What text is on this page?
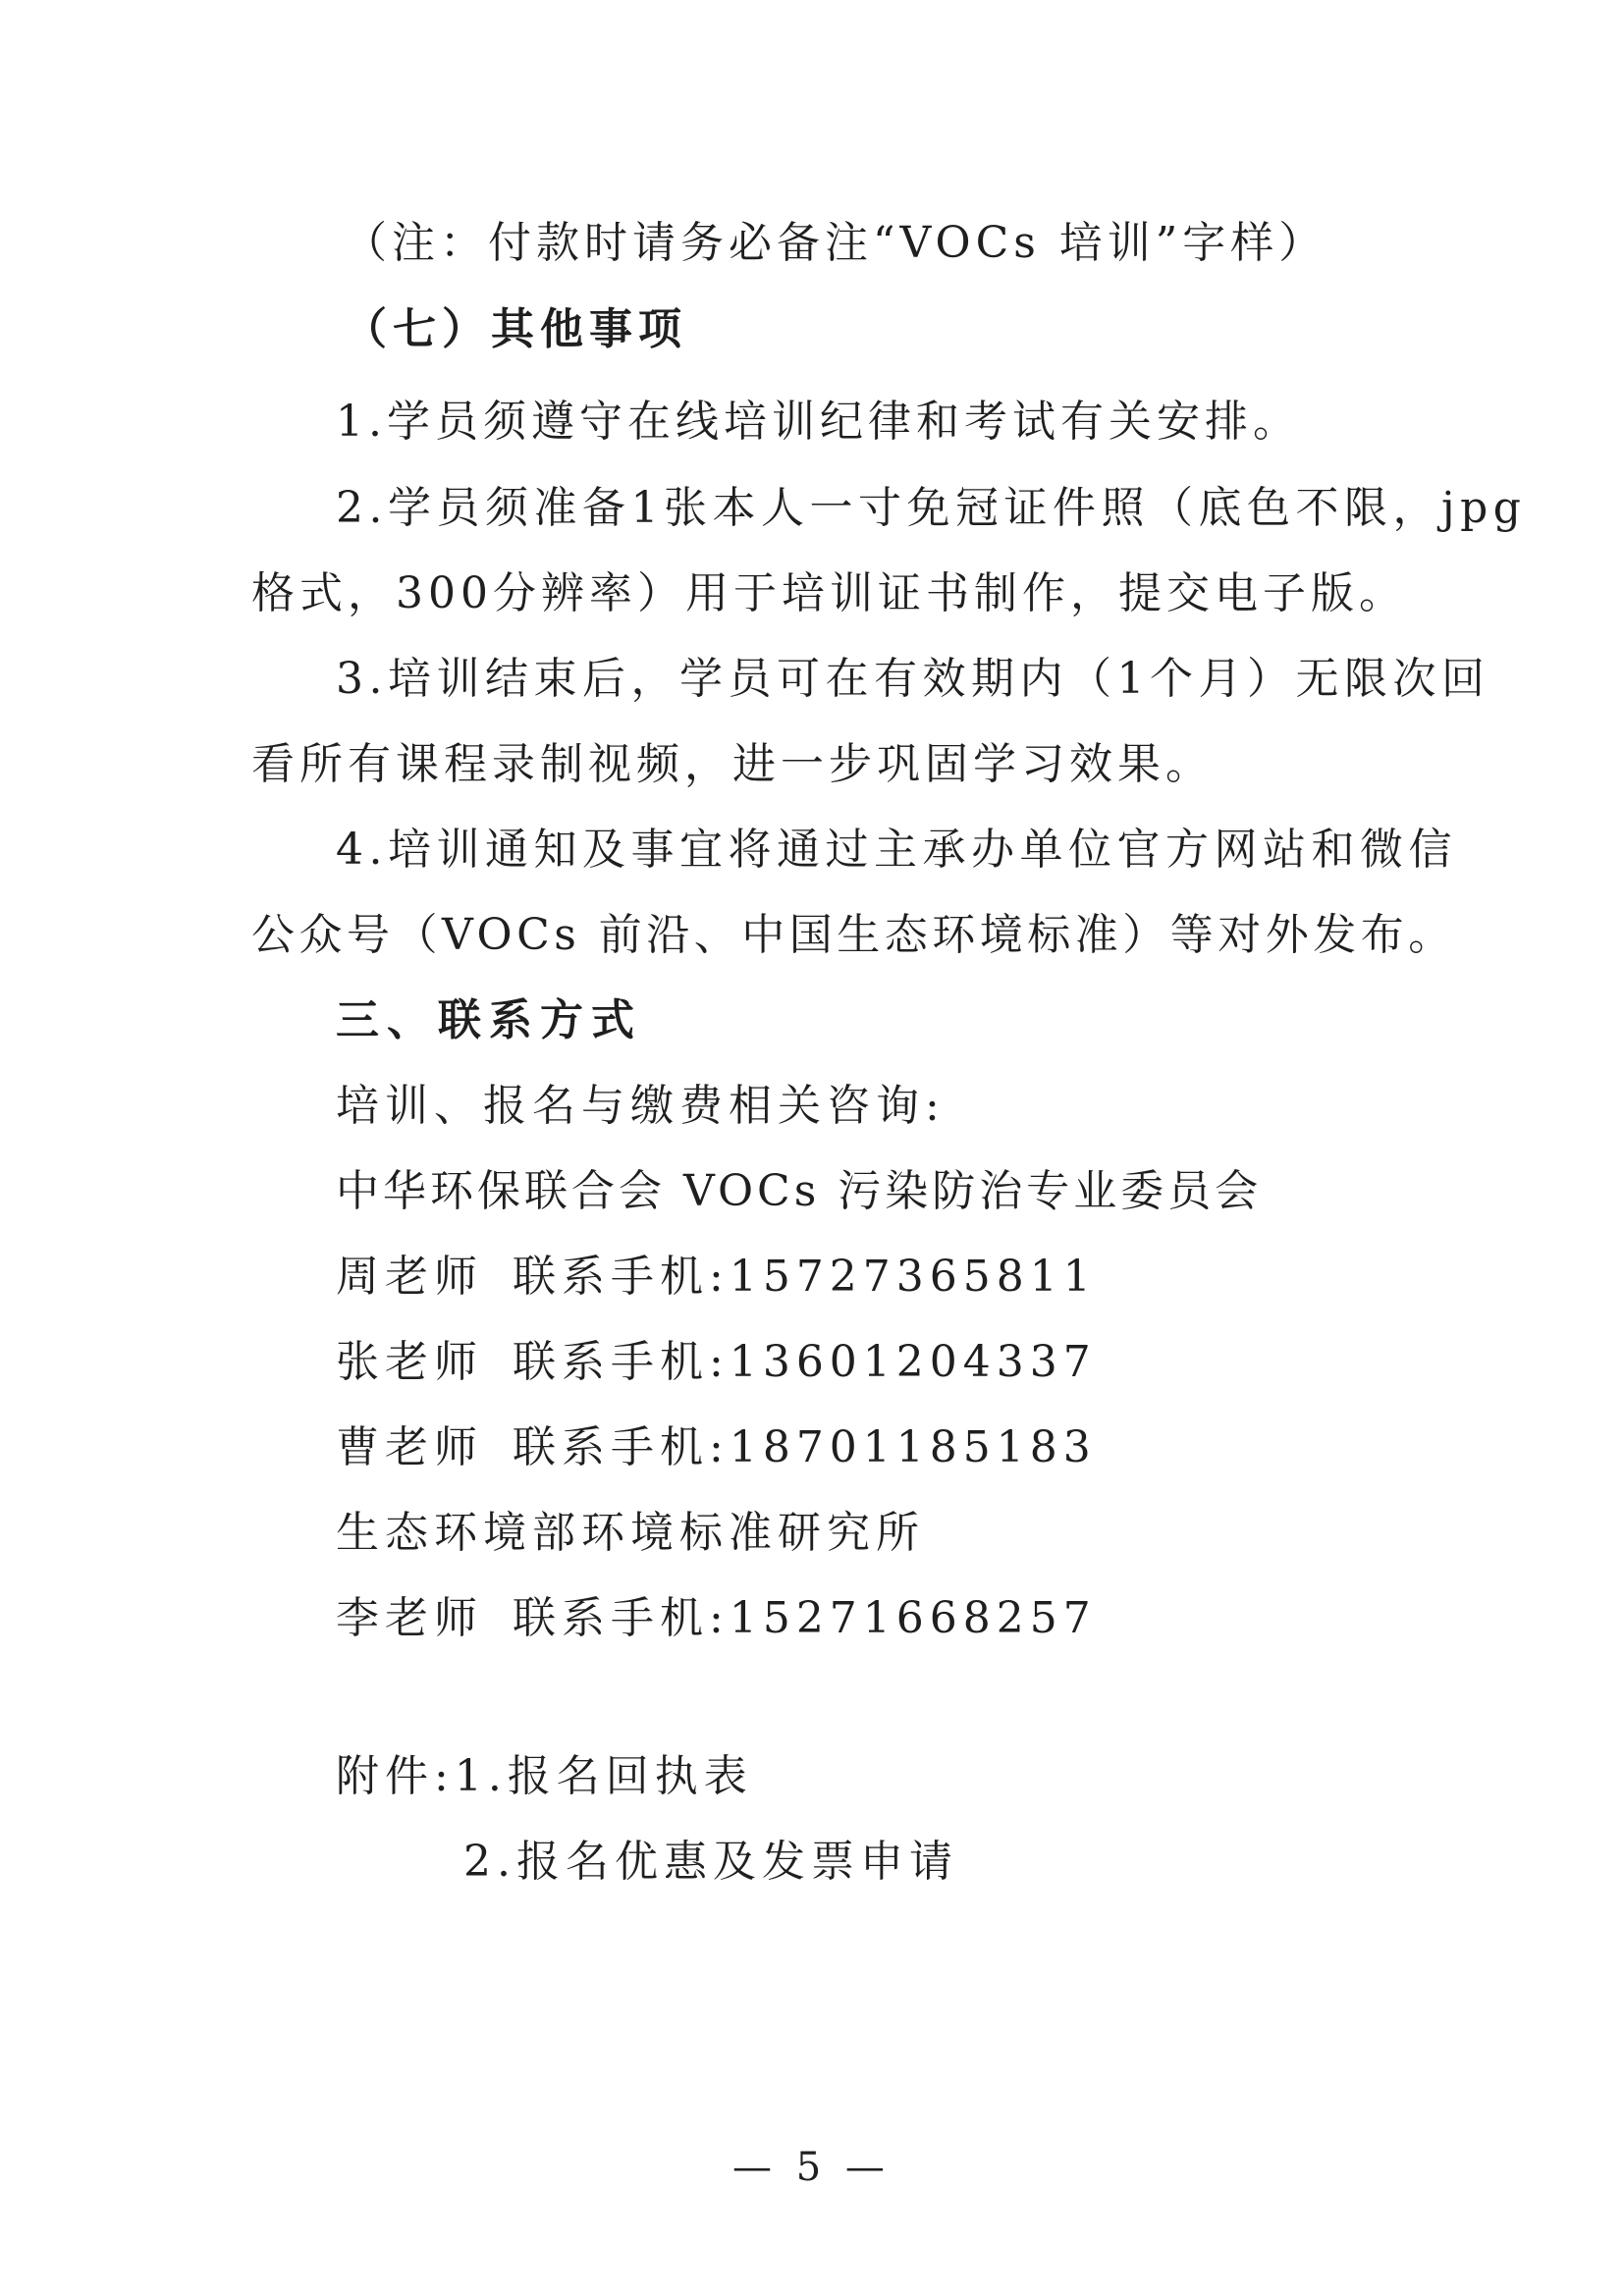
（注：付款时请务必备注“VOCs 培训”字样）
（七）其他事项
1.学员须遵守在线培训纪律和考试有关安排。
2.学员须准备1张本人一寸免冠证件照（底色不限，jpg
格式，300分辨率）用于培训证书制作，提交电子版。
3.培训结束后，学员可在有效期内（1个月）无限次回
看所有课程录制视频，进一步巩固学习效果。
4.培训通知及事宜将通过主承办单位官方网站和微信
公众号（VOCs 前沿、中国生态环境标准）等对外发布。
三、联系方式
培训、报名与缴费相关咨询:
中华环保联合会 VOCs 污染防治专业委员会
周老师 联系手机:15727365811
张老师 联系手机:13601204337
曹老师 联系手机:18701185183
生态环境部环境标准研究所
李老师 联系手机:15271668257
附件:1.报名回执表
2.报名优惠及发票申请
— 5 —
